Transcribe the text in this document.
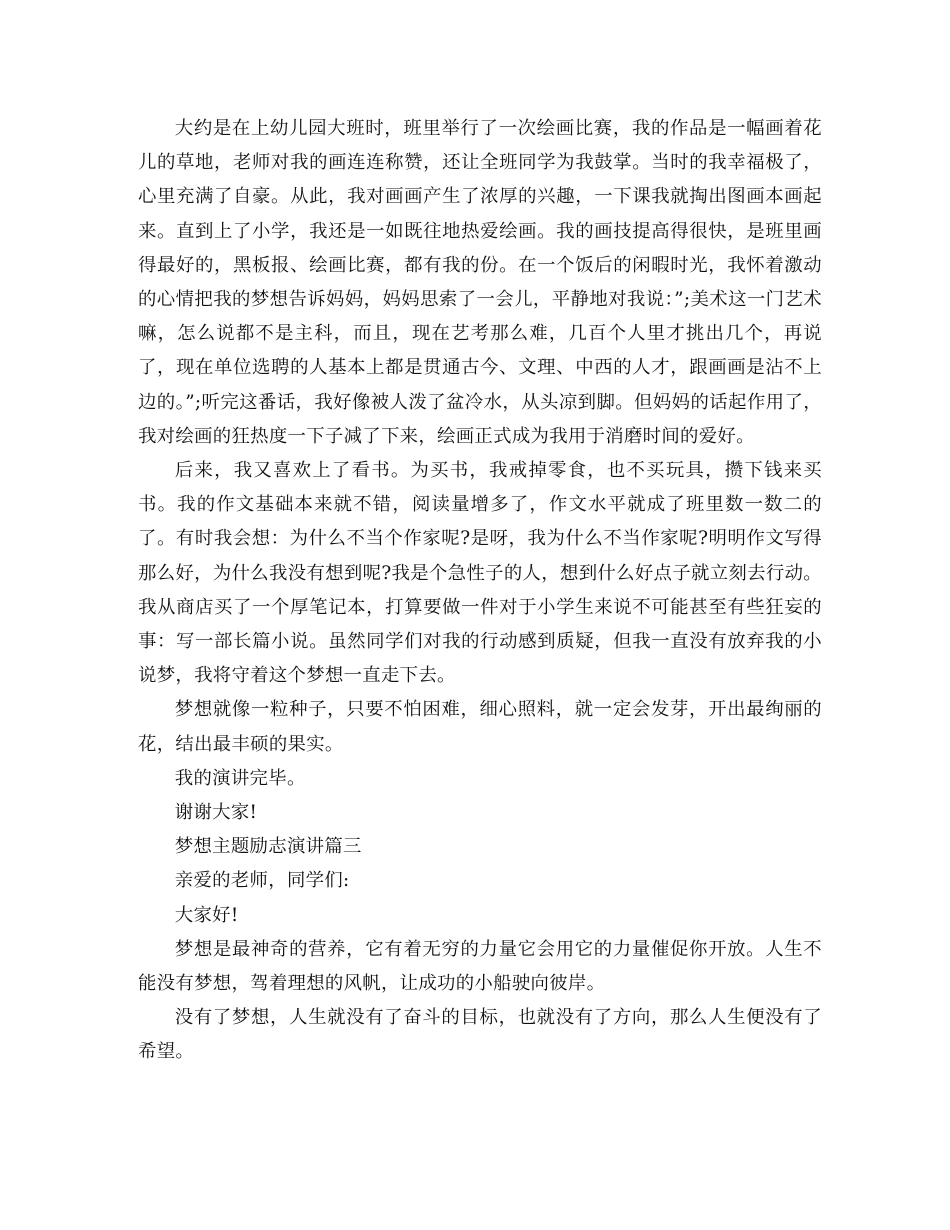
大约是在上幼儿园大班时，班里举行了一次绘画比赛，我的作品是一幅画着花儿的草地，老师对我的画连连称赞，还让全班同学为我鼓掌。当时的我幸福极了，心里充满了自豪。从此，我对画画产生了浓厚的兴趣，一下课我就掏出图画本画起来。直到上了小学，我还是一如既往地热爱绘画。我的画技提高得很快，是班里画得最好的，黑板报、绘画比赛，都有我的份。在一个饭后的闲暇时光，我怀着激动的心情把我的梦想告诉妈妈，妈妈思索了一会儿，平静地对我说：”;美术这一门艺术嘛，怎么说都不是主科，而且，现在艺考那么难，几百个人里才挑出几个，再说了，现在单位选聘的人基本上都是贯通古今、文理、中西的人才，跟画画是沾不上边的。”;听完这番话，我好像被人泼了盆冷水，从头凉到脚。但妈妈的话起作用了，我对绘画的狂热度一下子减了下来，绘画正式成为我用于消磨时间的爱好。

后来，我又喜欢上了看书。为买书，我戒掉零食，也不买玩具，攒下钱来买书。我的作文基础本来就不错，阅读量增多了，作文水平就成了班里数一数二的了。有时我会想：为什么不当个作家呢?是呀，我为什么不当作家呢?明明作文写得那么好，为什么我没有想到呢?我是个急性子的人，想到什么好点子就立刻去行动。我从商店买了一个厚笔记本，打算要做一件对于小学生来说不可能甚至有些狂妄的事：写一部长篇小说。虽然同学们对我的行动感到质疑，但我一直没有放弃我的小说梦，我将守着这个梦想一直走下去。

梦想就像一粒种子，只要不怕困难，细心照料，就一定会发芽，开出最绚丽的花，结出最丰硕的果实。

我的演讲完毕。

谢谢大家!

梦想主题励志演讲篇三

亲爱的老师，同学们:

大家好!

梦想是最神奇的营养，它有着无穷的力量它会用它的力量催促你开放。人生不能没有梦想，驾着理想的风帆，让成功的小船驶向彼岸。

没有了梦想，人生就没有了奋斗的目标，也就没有了方向，那么人生便没有了希望。
